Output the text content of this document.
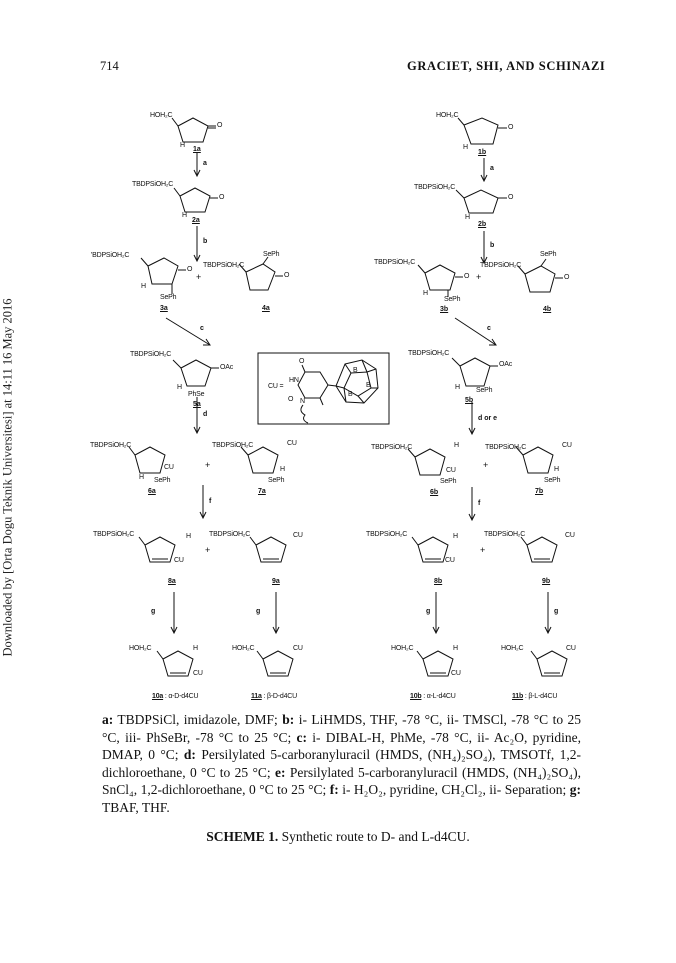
714	GRACIET, SHI, AND SCHINAZI
Downloaded by [Orta Dogu Teknik Universitesi] at 14:11 16 May 2016
HOH₂C
O
H
1a
HOH₂C
O
H
1b
a
a
TBDPSiOH₂C
O
H
2a
TBDPSiOH₂C
O
H
2b
b
b
'BDPSiOH₂C
O
H
SePh
3a
+
TBDPSiOH₂C
SePh
O
4a
TBDPSiOH₂C
O
H
SePh
3b
+
TBDPSiOH₂C
SePh
O
4b
c	c
TBDPSiOH₂C
OAc
H
PhSe
5a
CU =
HN
O
O N
B
B
B
TBDPSiOH₂C
OAc
H SePh
5b
d
d or e
TBDPSiOH₂C
CU
H SePh
6a
+
TBDPSiOH₂C	CU
H
SePh
7a
TBDPSiOH₂C	H
CU
SePh
6b
+
TBDPSiOH₂C	CU
H
SePh
7b
f	f
TBDPSiOH₂C	H
CU
8a
+
TBDPSiOH₂C	CU
9a
TBDPSiOH₂C	H
CU
8b
+
TBDPSiOH₂C	CU
9b
g	g	g	g
HOH₂C	H
CU
HOH₂C	CU	HOH₂C	H
CU
HOH₂C	CU
10a : α-D-d4CU	11a : β-D-d4CU	10b : α-L-d4CU	11b : β-L-d4CU
a: TBDPSiCl, imidazole, DMF; b: i- LiHMDS, THF, -78 °C, ii- TMSCl, -78 °C to 25 °C, iii- PhSeBr, -78 °C to 25 °C; c: i- DIBAL-H, PhMe, -78 °C, ii- Ac₂O, pyridine, DMAP, 0 °C; d: Persilylated 5-carboranyluracil (HMDS, (NH₄)₂SO₄), TMSOTf, 1,2-dichloroethane, 0 °C to 25 °C; e: Persilylated 5-carboranyluracil (HMDS, (NH₄)₂SO₄), SnCl₄, 1,2-dichloroethane, 0 °C to 25 °C; f: i- H₂O₂, pyridine, CH₂Cl₂, ii- Separation; g: TBAF, THF.
SCHEME 1. Synthetic route to D- and L-d4CU.
